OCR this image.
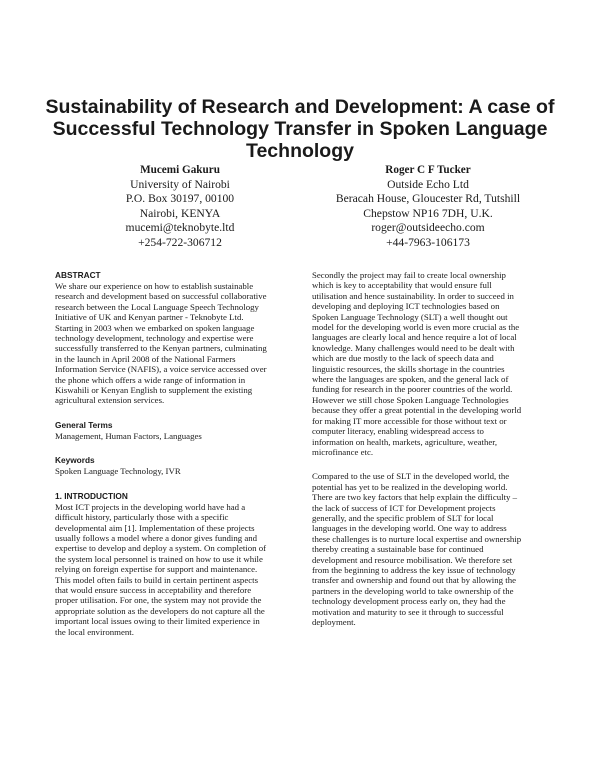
Sustainability of Research and Development: A case of Successful Technology Transfer in Spoken Language Technology
Mucemi Gakuru
University of Nairobi
P.O. Box 30197, 00100
Nairobi, KENYA
mucemi@teknobyte.ltd
+254-722-306712
Roger C F Tucker
Outside Echo Ltd
Beracah House, Gloucester Rd, Tutshill
Chepstow NP16 7DH, U.K.
roger@outsideecho.com
+44-7963-106173
ABSTRACT

We share our experience on how to establish sustainable
research and development based on successful collaborative
research between the Local Language Speech Technology
Initiative of UK and Kenyan partner - Teknobyte Ltd.
Starting in 2003 when we embarked on spoken language
technology development, technology and expertise were
successfully transferred to the Kenyan partners, culminating
in the launch in April 2008 of the National Farmers
Information Service (NAFIS), a voice service accessed over
the phone which offers a wide range of information in
Kiswahili or Kenyan English to supplement the existing
agricultural extension services.

General Terms

Management, Human Factors, Languages

Keywords

Spoken Language Technology, IVR

1. INTRODUCTION

Most ICT projects in the developing world have had a
difficult history, particularly those with a specific
developmental aim [1]. Implementation of these projects
usually follows a model where a donor gives funding and
expertise to develop and deploy a system. On completion of
the system local personnel is trained on how to use it while
relying on foreign expertise for support and maintenance.
This model often fails to build in certain pertinent aspects
that would ensure success in acceptability and therefore
proper utilisation. For one, the system may not provide the
appropriate solution as the developers do not capture all the
important local issues owing to their limited experience in
the local environment.

Secondly the project may fail to create local ownership
which is key to acceptability that would ensure full
utilisation and hence sustainability. In order to succeed in
developing and deploying ICT technologies based on
Spoken Language Technology (SLT) a well thought out
model for the developing world is even more crucial as the
languages are clearly local and hence require a lot of local
knowledge. Many challenges would need to be dealt with
which are due mostly to the lack of speech data and
linguistic resources, the skills shortage in the countries
where the languages are spoken, and the general lack of
funding for research in the poorer countries of the world.
However we still chose Spoken Language Technologies
because they offer a great potential in the developing world
for making IT more accessible for those without text or
computer literacy, enabling widespread access to
information on health, markets, agriculture, weather,
microfinance etc.

Compared to the use of SLT in the developed world, the
potential has yet to be realized in the developing world.
There are two key factors that help explain the difficulty –
the lack of success of ICT for Development projects
generally, and the specific problem of SLT for local
languages in the developing world. One way to address
these challenges is to nurture local expertise and ownership
thereby creating a sustainable base for continued
development and resource mobilisation. We therefore set
from the beginning to address the key issue of technology
transfer and ownership and found out that by allowing the
partners in the developing world to take ownership of the
technology development process early on, they had the
motivation and maturity to see it through to successful
deployment.
